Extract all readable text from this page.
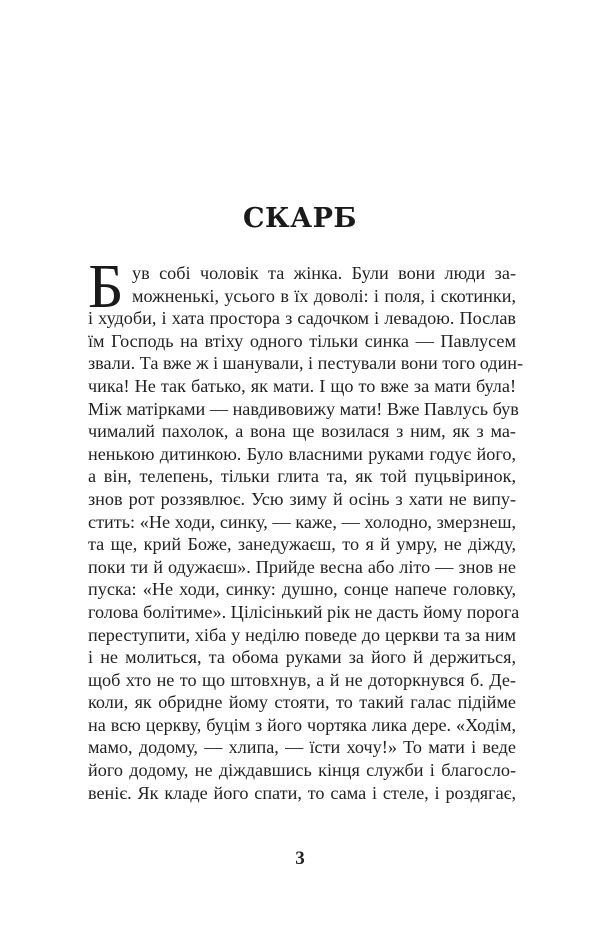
СКАРБ
Б ув собі чоловік та жінка. Були вони люди за-
можненькі, усього в їх доволі: і поля, і скотинки,
і худоби, і хата простора з садочком і левадою. Послав
їм Господь на втіху одного тільки синка — Павлусем
звали. Та вже ж і шанували, і пестували вони того один-
чика! Не так батько, як мати. І що то вже за мати була!
Між матірками — навдивовижу мати! Вже Павлусь був
чималий пахолок, а вона ще возилася з ним, як з ма-
ненькою дитинкою. Було власними руками годує його,
а він, телепень, тільки глита та, як той пуцьвіринок,
знов рот роззявлює. Усю зиму й осінь з хати не випу-
стить: «Не ходи, синку, — каже, — холодно, змерзнеш,
та ще, крий Боже, занедужаєш, то я й умру, не дiжду,
поки ти й одужаєш». Прийде весна або літо — знов не
пуска: «Не ходи, синку: душно, сонце напече головку,
голова болітиме». Цілісінький рік не дасть йому порога
переступити, хіба у неділю поведе до церкви та за ним
і не молиться, та обома руками за його й держиться,
щоб хто не то що штовхнув, а й не доторкнувся б. Де-
коли, як обридне йому стояти, то такий галас підійме
на всю церкву, буцім з його чортяка лика дере. «Ходім,
мамо, додому, — хлипа, — їсти хочу!» То мати і веде
його додому, не діждавшись кінця служби і благосло-
веніє. Як кладе його спати, то сама і стеле, і роздягає,
3
